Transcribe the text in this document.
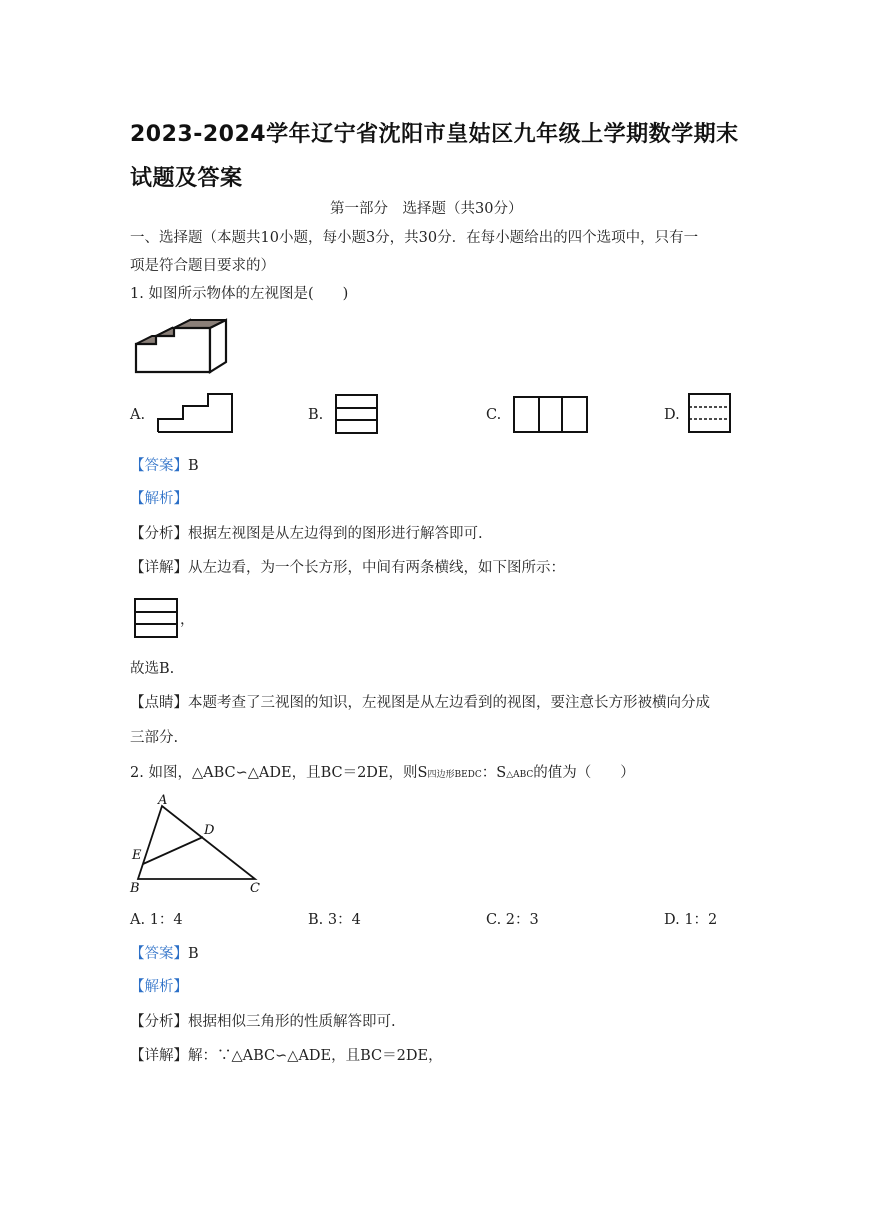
2023-2024学年辽宁省沈阳市皇姑区九年级上学期数学期末
试题及答案
第一部分　选择题（共30分）
一、选择题（本题共10小题，每小题3分，共30分．在每小题给出的四个选项中，只有一
项是符合题目要求的）
1. 如图所示物体的左视图是(　　)
A.	B.	C.	D.
【答案】B
【解析】
【分析】根据左视图是从左边得到的图形进行解答即可.
【详解】从左边看，为一个长方形，中间有两条横线，如下图所示：
，
故选B.
【点睛】本题考查了三视图的知识，左视图是从左边看到的视图，要注意长方形被横向分成
三部分.
2. 如图，△ABC∽△ADE，且BC＝2DE，则S四边形BEDC：S△ABC的值为（　　）
A
D
E
B	C
A. 1：4	B. 3：4	C. 2：3	D. 1：2
【答案】B
【解析】
【分析】根据相似三角形的性质解答即可.
【详解】解：∵△ABC∽△ADE，且BC＝2DE，
